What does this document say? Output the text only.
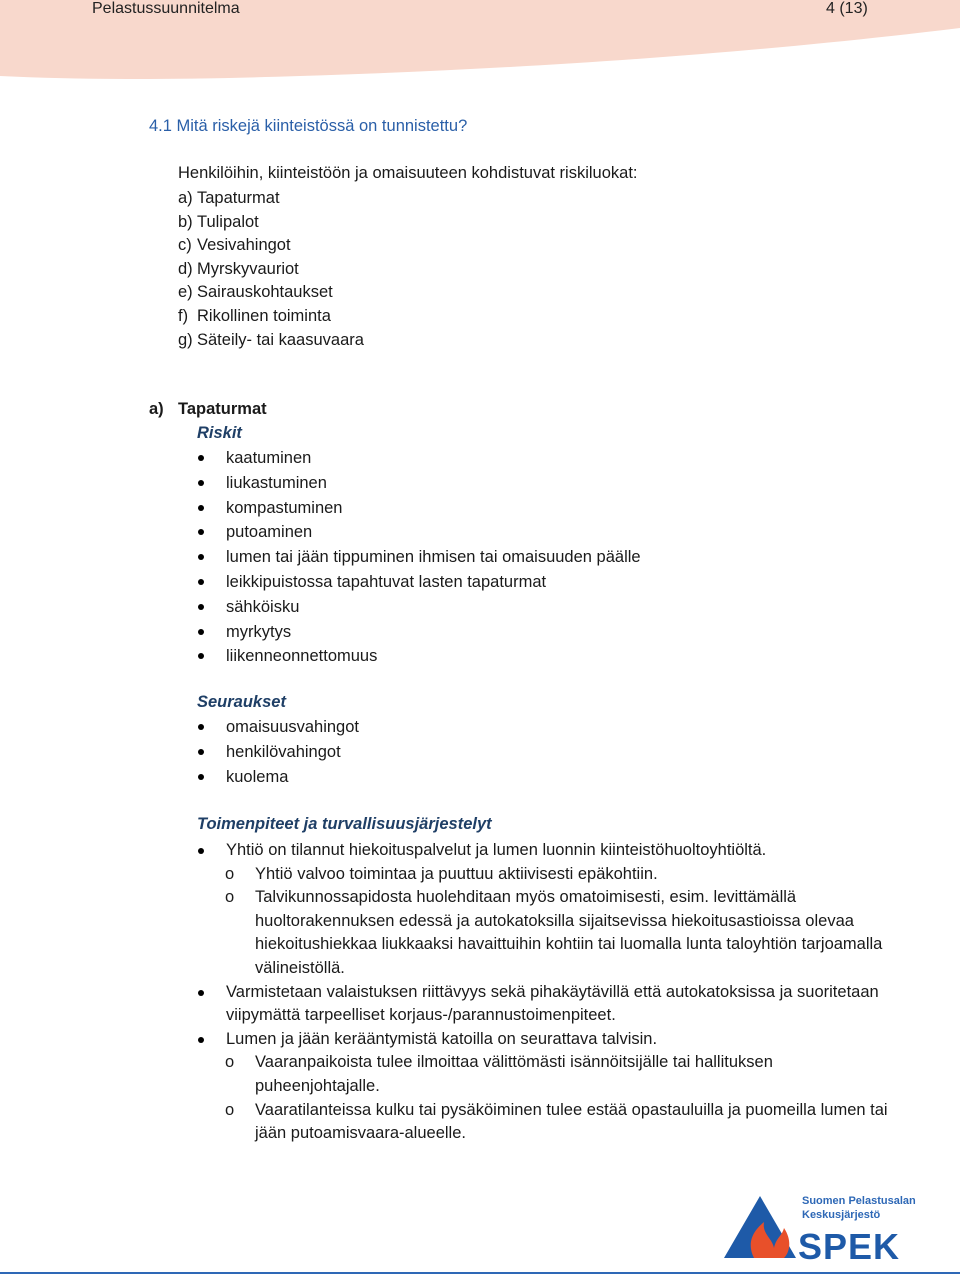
Pelastussuunnitelma	4 (13)
4.1 Mitä riskejä kiinteistössä on tunnistettu?
Henkilöihin, kiinteistöön ja omaisuuteen kohdistuvat riskiluokat:
a) Tapaturmat
b) Tulipalot
c) Vesivahingot
d) Myrskyvauriot
e) Sairauskohtaukset
f) Rikollinen toiminta
g) Säteily- tai kaasuvaara
a) Tapaturmat
Riskit
kaatuminen
liukastuminen
kompastuminen
putoaminen
lumen tai jään tippuminen ihmisen tai omaisuuden päälle
leikkipuistossa tapahtuvat lasten tapaturmat
sähköisku
myrkytys
liikenneonnettomuus
Seuraukset
omaisuusvahingot
henkilövahingot
kuolema
Toimenpiteet ja turvallisuusjärjestelyt
Yhtiö on tilannut hiekoituspalvelut ja lumen luonnin kiinteistöhuoltoyhtiöltä.
o Yhtiö valvoo toimintaa ja puuttuu aktiivisesti epäkohtiin.
o Talvikunnossapidosta huolehditaan myös omatoimisesti, esim. levittämällä huoltorakennuksen edessä ja autokatoksilla sijaitsevissa hiekoitusastioissa olevaa hiekoitushiekkaa liukkaaksi havaittuihin kohtiin tai luomalla lunta taloyhtiön tarjoamalla välineistöllä.
Varmistetaan valaistuksen riittävyys sekä pihakäytävillä että autokatoksissa ja suoritetaan viipymättä tarpeelliset korjaus-/parannustoimenpiteet.
Lumen ja jään kerääntymistä katoilla on seurattava talvisin.
o Vaaranpaikoista tulee ilmoittaa välittömästi isännöitsijälle tai hallituksen puheenjohtajalle.
o Vaaratilanteissa kulku tai pysäköiminen tulee estää opastauluilla ja puomeilla lumen tai jään putoamisvaara-alueelle.
Suomen Pelastusalan
Keskusjärjestö
SPEK
